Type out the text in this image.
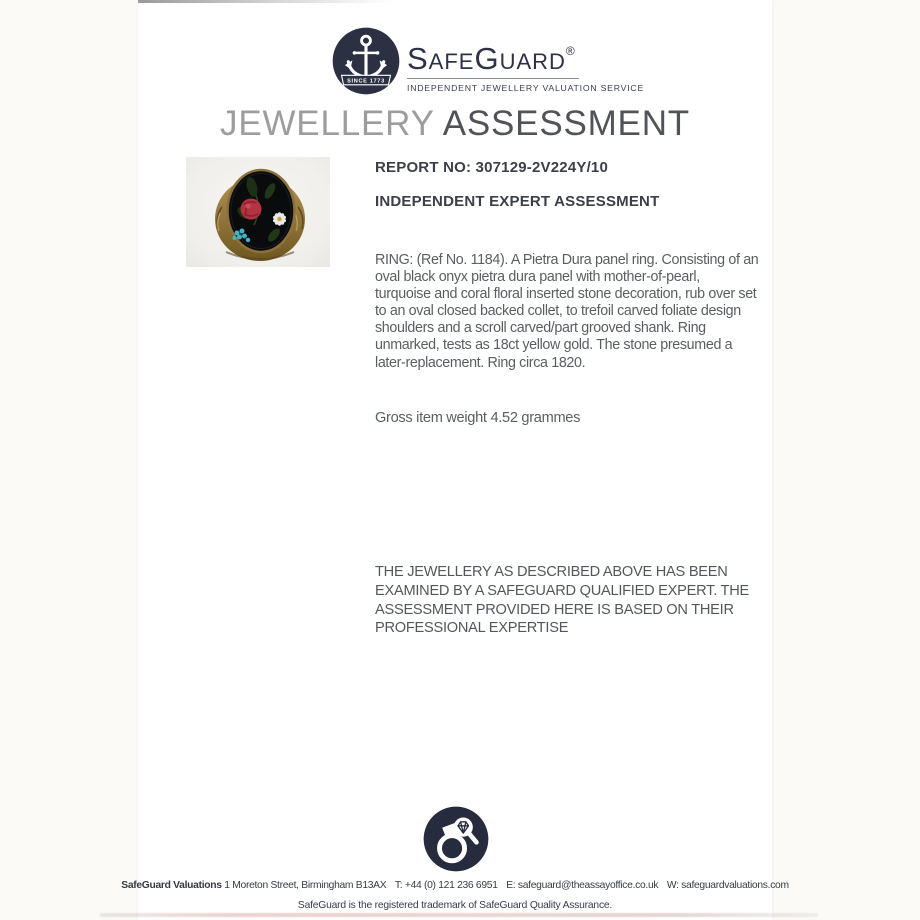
SINCE 1773
SafeGuard®
INDEPENDENT JEWELLERY VALUATION SERVICE
JEWELLERY ASSESSMENT
REPORT NO: 307129-2V224Y/10
INDEPENDENT EXPERT ASSESSMENT
RING: (Ref No. 1184). A Pietra Dura panel ring. Consisting of an oval black onyx pietra dura panel with mother-of-pearl, turquoise and coral floral inserted stone decoration, rub over set to an oval closed backed collet, to trefoil carved foliate design shoulders and a scroll carved/part grooved shank. Ring unmarked, tests as 18ct yellow gold. The stone presumed a later-replacement. Ring circa 1820.
Gross item weight 4.52 grammes
THE JEWELLERY AS DESCRIBED ABOVE HAS BEEN EXAMINED BY A SAFEGUARD QUALIFIED EXPERT. THE ASSESSMENT PROVIDED HERE IS BASED ON THEIR PROFESSIONAL EXPERTISE
SafeGuard Valuations 1 Moreton Street, Birmingham B13AX T: +44 (0) 121 236 6951 E: safeguard@theassayoffice.co.uk W: safeguardvaluations.com
SafeGuard is the registered trademark of SafeGuard Quality Assurance.
